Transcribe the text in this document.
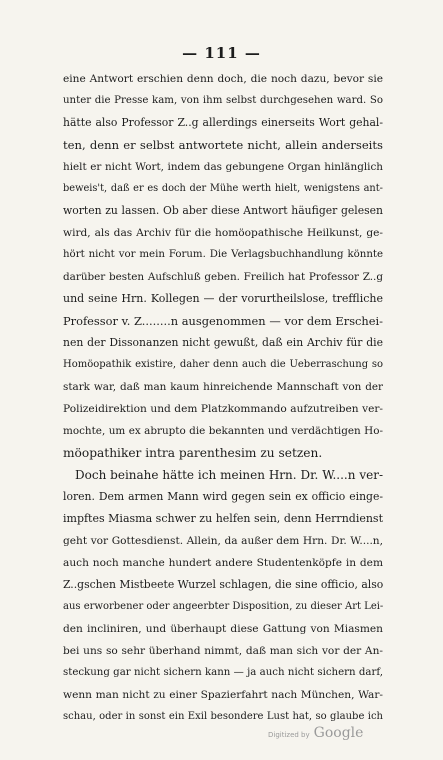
— 111 —
eine Antwort erschien denn doch, die noch dazu, bevor sie
unter die Presse kam, von ihm selbst durchgesehen ward. So
hätte also Professor Z..g allerdings einerseits Wort gehal-
ten, denn er selbst antwortete nicht, allein anderseits
hielt er nicht Wort, indem das gebungene Organ hinlänglich
beweis't, daß er es doch der Mühe werth hielt, wenigstens ant-
worten zu lassen. Ob aber diese Antwort häufiger gelesen
wird, als das Archiv für die homöopathische Heilkunst, ge-
hört nicht vor mein Forum. Die Verlagsbuchhandlung könnte
darüber besten Aufschluß geben. Freilich hat Professor Z..g
und seine Hrn. Kollegen — der vorurtheilslose, treffliche
Professor v. Z........n ausgenommen — vor dem Erschei-
nen der Dissonanzen nicht gewußt, daß ein Archiv für die
Homöopathik existire, daher denn auch die Ueberraschung so
stark war, daß man kaum hinreichende Mannschaft von der
Polizeidirektion und dem Platzkommando aufzutreiben ver-
mochte, um ex abrupto die bekannten und verdächtigen Ho-
möopathiker intra parenthesim zu setzen.
Doch beinahe hätte ich meinen Hrn. Dr. W....n ver-
loren. Dem armen Mann wird gegen sein ex officio einge-
impftes Miasma schwer zu helfen sein, denn Herrndienst
geht vor Gottesdienst. Allein, da außer dem Hrn. Dr. W....n,
auch noch manche hundert andere Studentenköpfe in dem
Z..gschen Mistbeete Wurzel schlagen, die sine officio, also
aus erworbener oder angeerbter Disposition, zu dieser Art Lei-
den incliniren, und überhaupt diese Gattung von Miasmen
bei uns so sehr überhand nimmt, daß man sich vor der An-
steckung gar nicht sichern kann — ja auch nicht sichern darf,
wenn man nicht zu einer Spazierfahrt nach München, War-
schau, oder in sonst ein Exil besondere Lust hat, so glaube ich
Digitized by Google
